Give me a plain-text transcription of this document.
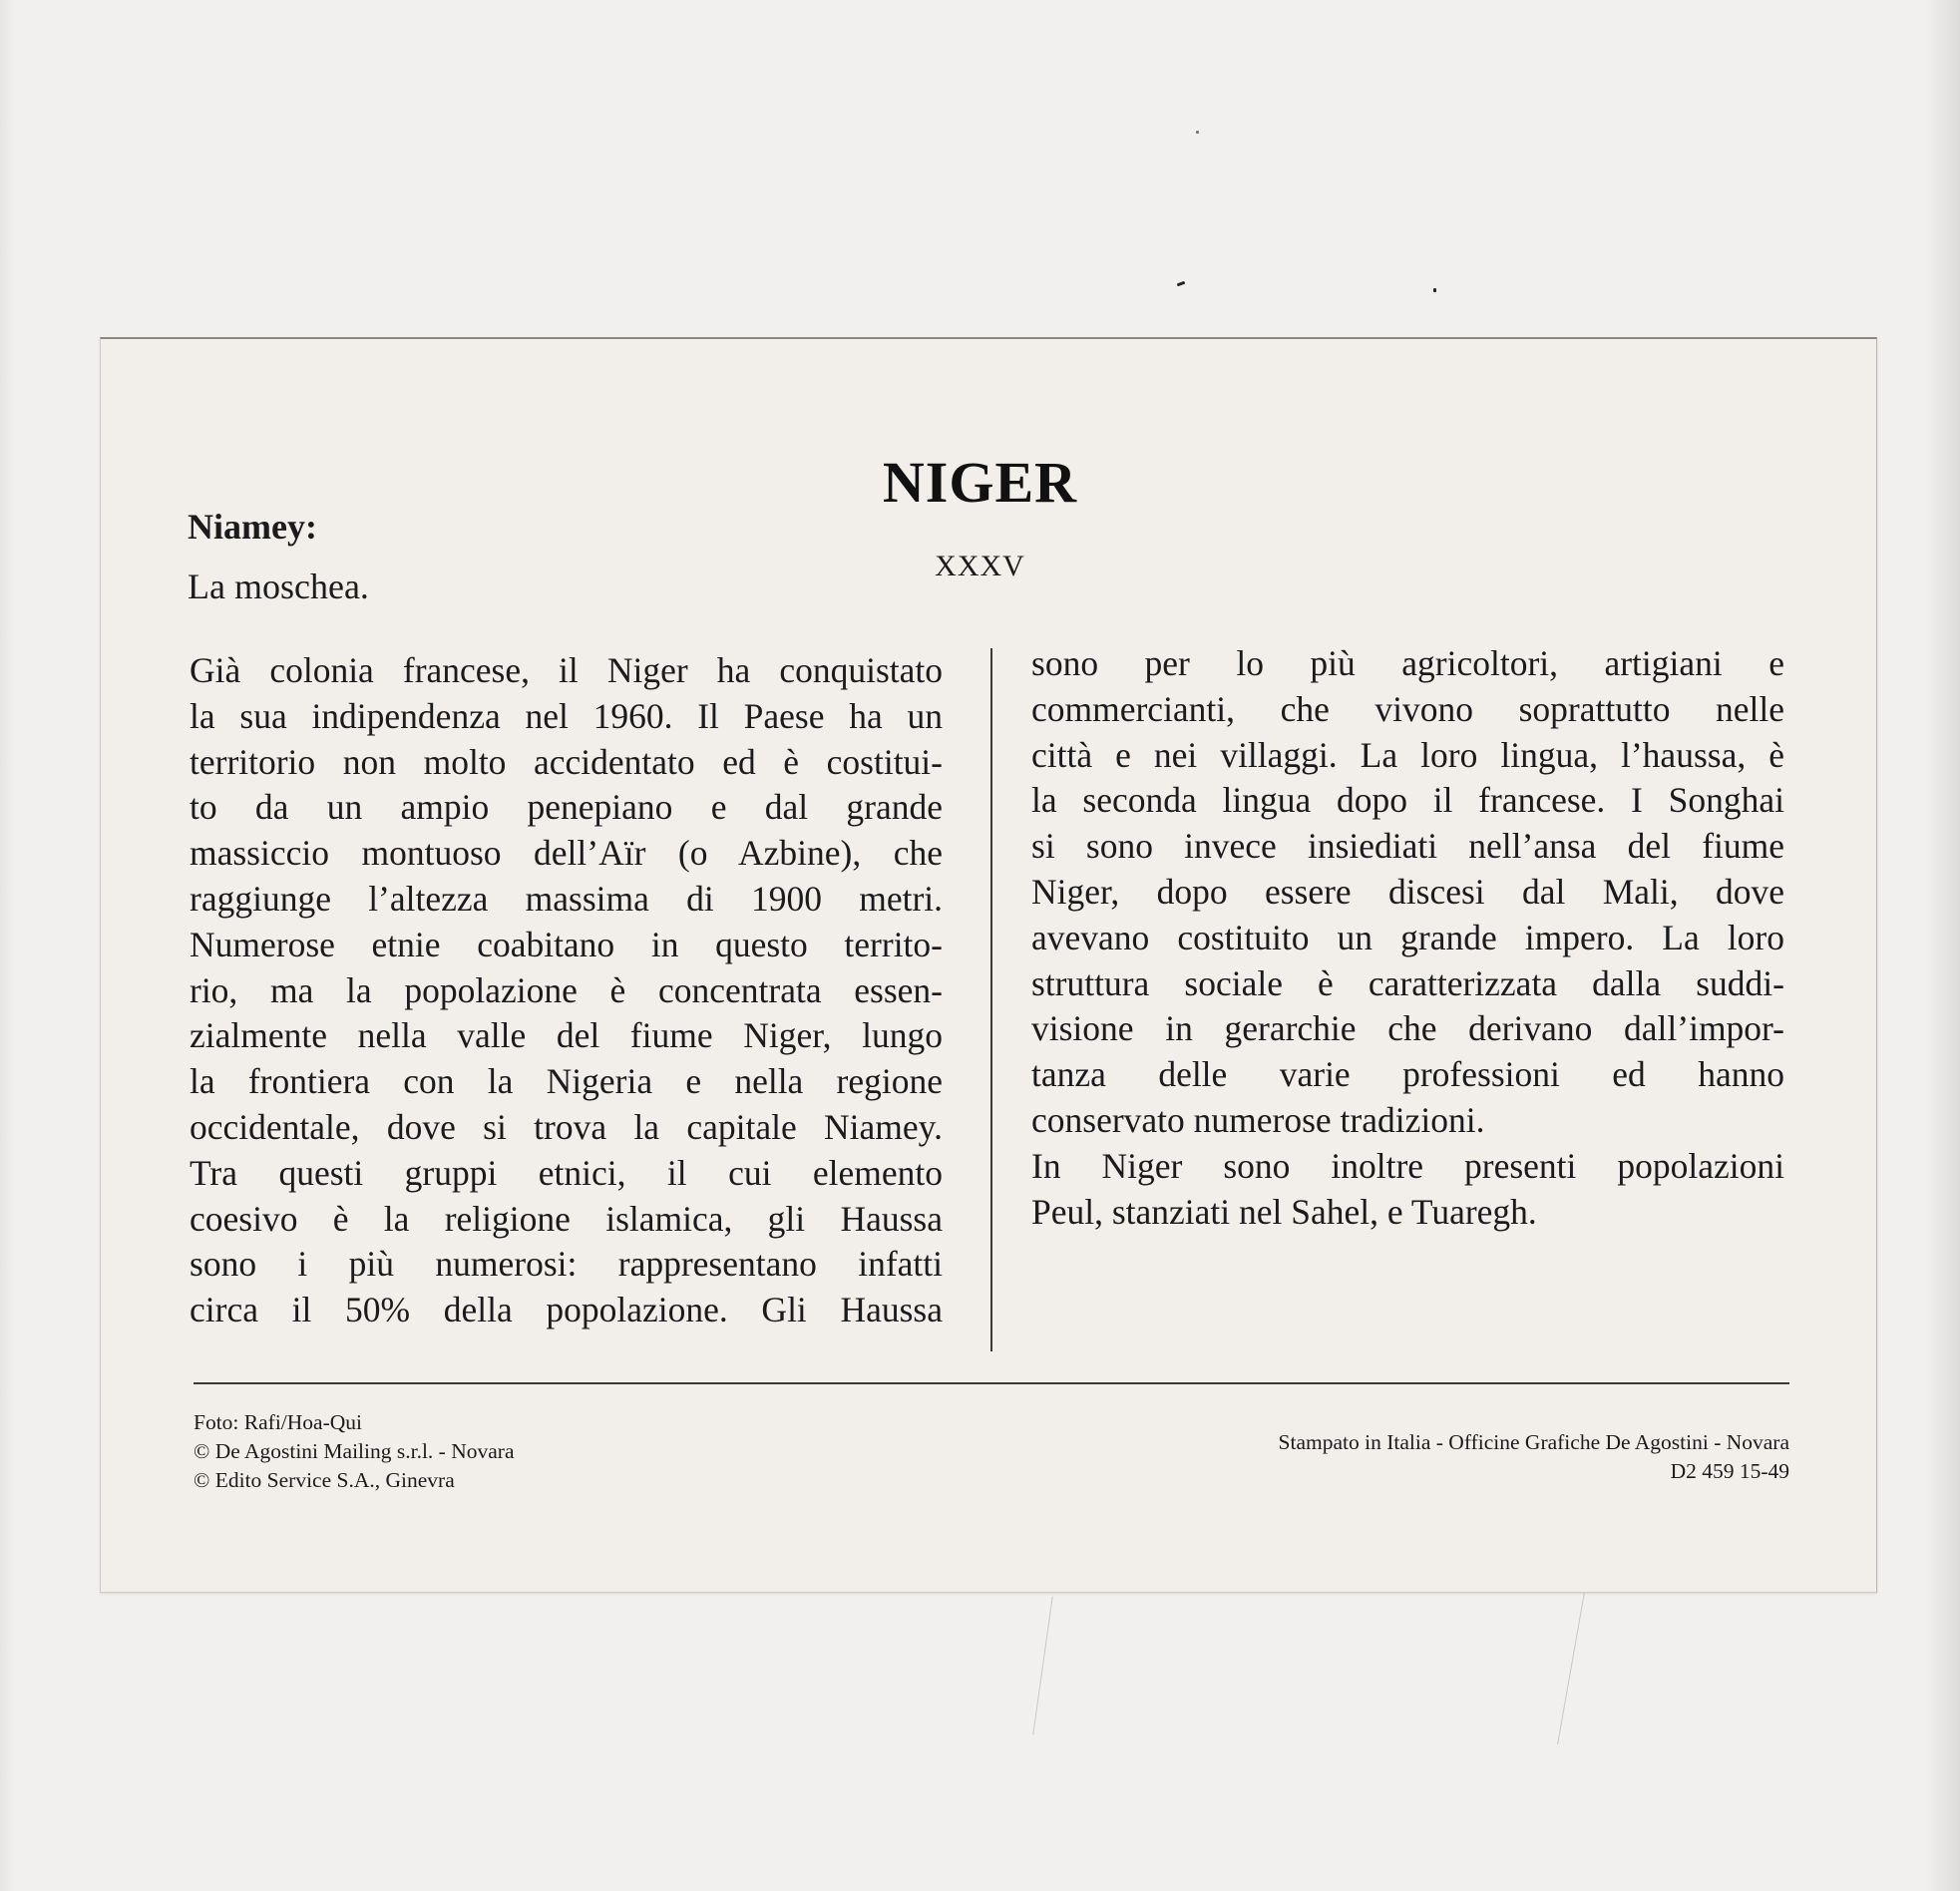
NIGER
XXXV
Niamey:
La moschea.
Già colonia francese, il Niger ha conquistato
la sua indipendenza nel 1960. Il Paese ha un
territorio non molto accidentato ed è costitui-
to da un ampio penepiano e dal grande
massiccio montuoso dell’Aïr (o Azbine), che
raggiunge l’altezza massima di 1900 metri.
Numerose etnie coabitano in questo territo-
rio, ma la popolazione è concentrata essen-
zialmente nella valle del fiume Niger, lungo
la frontiera con la Nigeria e nella regione
occidentale, dove si trova la capitale Niamey.
Tra questi gruppi etnici, il cui elemento
coesivo è la religione islamica, gli Haussa
sono i più numerosi: rappresentano infatti
circa il 50% della popolazione. Gli Haussa
sono per lo più agricoltori, artigiani e
commercianti, che vivono soprattutto nelle
città e nei villaggi. La loro lingua, l’haussa, è
la seconda lingua dopo il francese. I Songhai
si sono invece insiediati nell’ansa del fiume
Niger, dopo essere discesi dal Mali, dove
avevano costituito un grande impero. La loro
struttura sociale è caratterizzata dalla suddi-
visione in gerarchie che derivano dall’impor-
tanza delle varie professioni ed hanno
conservato numerose tradizioni.
In Niger sono inoltre presenti popolazioni
Peul, stanziati nel Sahel, e Tuaregh.
Foto: Rafi/Hoa-Qui
© De Agostini Mailing s.r.l. - Novara
© Edito Service S.A., Ginevra
Stampato in Italia - Officine Grafiche De Agostini - Novara
D2 459 15-49
